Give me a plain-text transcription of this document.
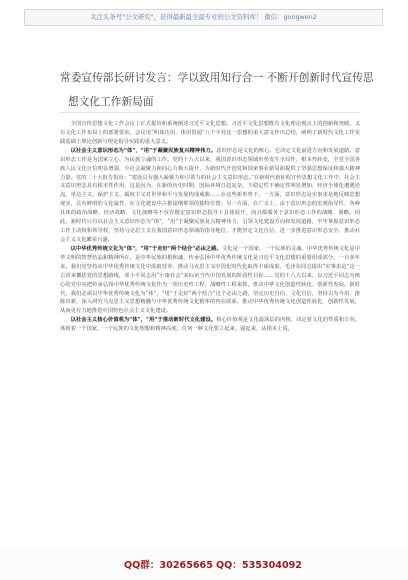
关注头条号"公文研究"，获得最新最全最专业的公文资料库！ 微信：gongwen2
常委宣传部长研讨发言：学以致用知行合一 不断开创新时代宣传思
想文化工作新局面

全国宣传思想文化工作会议上正式提出和系统阐述习近平文化思想。习近平文化思想既有文化理论观点上的创新和突破，又有文化工作布局上的部署要求，会议用“明体达用、体用贯通”八个字对这一思想的重大意义作出总结，阐明了新时代文化工作实践基础上理论创新与理论指导实践的重大意义。

以社会主义意识形态为“体”，“用”于凝聚民族复兴精神伟力。意识形态是文化的核心。它决定文化前进方向和发展道路。意识形态工作是为国家立心、为民族立魂的工作。党的十八大以来，我国意识形态领域形势发生全局性、根本性转变，全党全国各族人民文化自信明显增强，全社会凝聚力和向心力极大提升，为新时代开创党和国家事业新局面提供了坚强思想保证和强大精神力量。党的二十大报告指出：“建设具有强大凝聚力和引领力的社会主义意识形态。”在新时代新征程宣传思想文化工作中，社会主义意识形态具有根本性作用，这是因为，在新的历史时期，国际环境日趋复杂，不稳定性不确定性明显增加，经济全球化遭遇逆流，单边主义、保护主义、霸权主义对世界和平与发展构成威胁……在这些新形势下，一方面，意识形态是实事求是地反映思想现实，具有鲜明的文化属性，在文化建设中占据提纲挈领的独特位置；另一方面，在广义上，由于意识形态的宏观指导性，各种具体的政治战略、经济战略、文化战略等不仅在既定意识形态指导下具体展开，而且都服务于意识形态工作的战略、策略。因此，新时代只有以社会主义意识形态为“体”，“用”于凝聚民族复兴精神伟力，引领文化建设方向和发展道路，牢牢掌握意识形态工作主动权和领导权，坚持马克思主义在我国意识形态领域的指导地位，才能坚定文化自信，进一步推进意识形态安全、推动社会主义文化繁荣兴盛。

以中华优秀传统文化为“体”，“用”于走好“两个结合”必由之路。文化是一个国家、一个民族的灵魂。中华优秀传统文化是中华文明的智慧结晶和精神所在，是中华民族的根和魂，传承弘扬中华优秀传统文化是习近平文化思想的重要组成部分。一百多年来，我们党坚持从中华优秀传统文化中汲取营养，推动马克思主义中国化时代化取得丰硕成果。毛泽东同志提出“实事求是”这一古语来概括党的思想路线，邓小平同志用“小康社会”来标识当代中国发展的阶段性目标……党的十八大以来，以习近平同志为核心的党中央把传承弘扬中华优秀传统文化作为一项历史性工程、战略性工程来抓，推动中华文化创造性转化、创新性发展。新时代，我们必须以中华优秀传统文化为“体”，“用”于走好“两个结合”这个必由之路，坚定历史自信、文化自信，坚持古为今用、推陈出新，深入研究马克思主义思想精髓与中华优秀传统文化精华的内在联系，推动中华优秀传统文化创造性转化、创新性发展，从而更有力地推进中国特色社会主义文化建设。

以社会主义核心价值观为“体”，“用”于推动新时代文化建设。核心价值观是文化最深层的内核，决定着文化的性质和方向。体现着一个国家、一个民族的文化理想和精神高度。任何一种文化要立起来、强起来，从根本上说，

QQ群：30265665 QQ：535304092
